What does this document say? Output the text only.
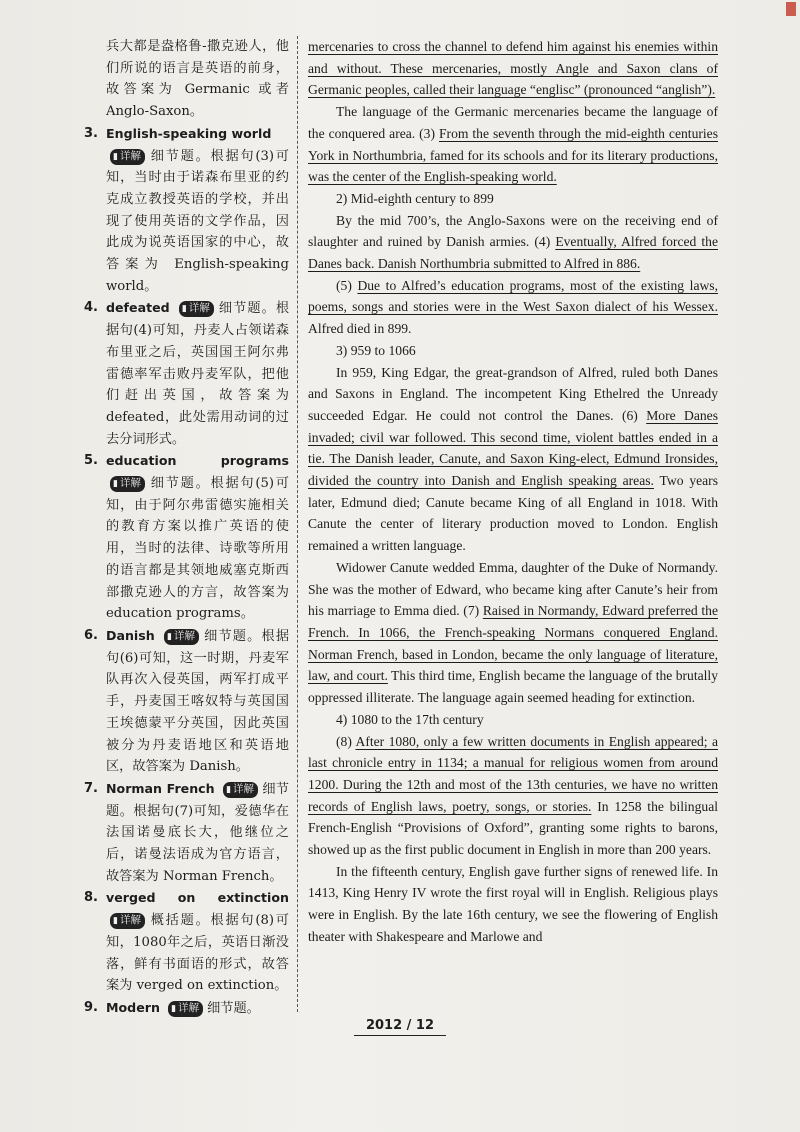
兵大都是盎格鲁-撒克逊人，他们所说的语言是英语的前身，故答案为 Germanic 或者 Anglo-Saxon。

3. English-speaking world
▮ 详解 细节题。根据句(3)可知，当时由于诺森布里亚的约克成立教授英语的学校，并出现了使用英语的文学作品，因此成为说英语国家的中心，故答案为 English-speaking world。
4. defeated ▮ 详解 细节题。根据句(4)可知，丹麦人占领诺森布里亚之后，英国国王阿尔弗雷德率军击败丹麦军队，把他们赶出英国，故答案为 defeated，此处需用动词的过去分词形式。
5. education programs ▮ 详解 细节题。根据句(5)可知，由于阿尔弗雷德实施相关的教育方案以推广英语的使用，当时的法律、诗歌等所用的语言都是其领地威塞克斯西部撒克逊人的方言，故答案为 education programs。
6. Danish ▮ 详解 细节题。根据句(6)可知，这一时期，丹麦军队再次入侵英国，两军打成平手，丹麦国王喀奴特与英国国王埃德蒙平分英国，因此英国被分为丹麦语地区和英语地区，故答案为 Danish。
7. Norman French ▮ 详解 细节题。根据句(7)可知，爱德华在法国诺曼底长大，他继位之后，诺曼法语成为官方语言，故答案为 Norman French。
8. verged on extinction ▮ 详解 概括题。根据句(8)可知，1080年之后，英语日渐没落，鲜有书面语的形式，故答案为 verged on extinction。
9. Modern ▮ 详解 细节题。

mercenaries to cross the channel to defend him against his enemies within and without. These mercenaries, mostly Angle and Saxon clans of Germanic peoples, called their language “englisc” (pronounced “anglish”).

The language of the Germanic mercenaries became the language of the conquered area. (3) From the seventh through the mid-eighth centuries York in Northumbria, famed for its schools and for its literary productions, was the center of the English-speaking world.

2) Mid-eighth century to 899

By the mid 700’s, the Anglo-Saxons were on the receiving end of slaughter and ruined by Danish armies. (4) Eventually, Alfred forced the Danes back. Danish Northumbria submitted to Alfred in 886.

(5) Due to Alfred’s education programs, most of the existing laws, poems, songs and stories were in the West Saxon dialect of his Wessex. Alfred died in 899.

3) 959 to 1066

In 959, King Edgar, the great-grandson of Alfred, ruled both Danes and Saxons in England. The incompetent King Ethelred the Unready succeeded Edgar. He could not control the Danes. (6) More Danes invaded; civil war followed. This second time, violent battles ended in a tie. The Danish leader, Canute, and Saxon King-elect, Edmund Ironsides, divided the country into Danish and English speaking areas. Two years later, Edmund died; Canute became King of all England in 1018. With Canute the center of literary production moved to London. English remained a written language.

Widower Canute wedded Emma, daughter of the Duke of Normandy. She was the mother of Edward, who became king after Canute’s heir from his marriage to Emma died. (7) Raised in Normandy, Edward preferred the French. In 1066, the French-speaking Normans conquered England. Norman French, based in London, became the only language of literature, law, and court. This third time, English became the language of the brutally oppressed illiterate. The language again seemed heading for extinction.

4) 1080 to the 17th century

(8) After 1080, only a few written documents in English appeared; a last chronicle entry in 1134; a manual for religious women from around 1200. During the 12th and most of the 13th centuries, we have no written records of English laws, poetry, songs, or stories. In 1258 the bilingual French-English “Provisions of Oxford”, granting some rights to barons, showed up as the first public document in English in more than 200 years.

In the fifteenth century, English gave further signs of renewed life. In 1413, King Henry IV wrote the first royal will in English. Religious plays were in English. By the late 16th century, we see the flowering of English theater with Shakespeare and Marlowe and

2012 / 12
